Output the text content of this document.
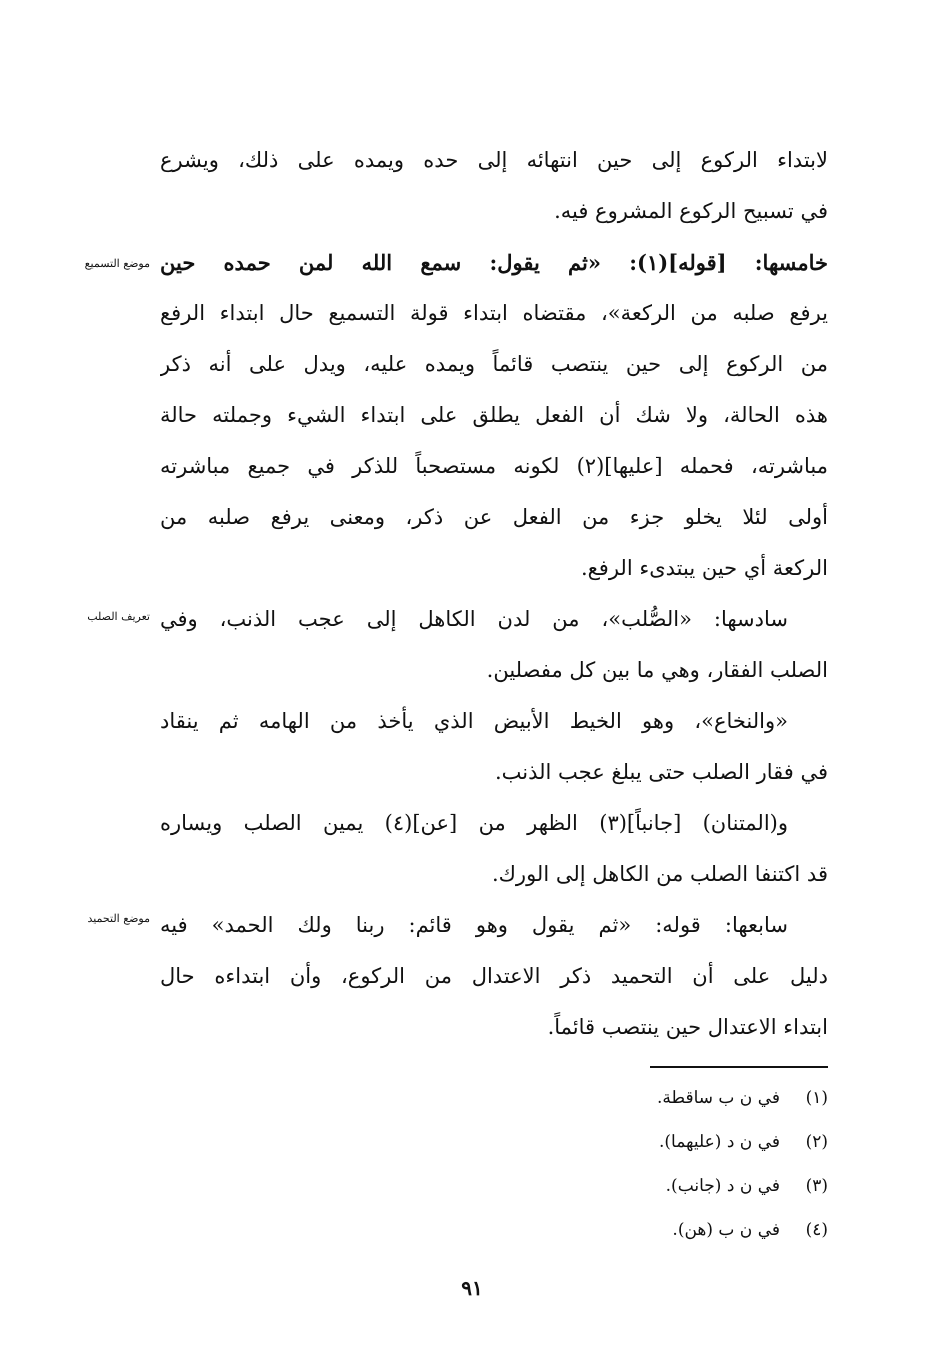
لابتداء الركوع إلى حين انتهائه إلى حده ويمده على ذلك، ويشرع
في تسبيح الركوع المشروع فيه.
خامسها: [قوله](١): «ثم يقول: سمع الله لمن حمده حين
يرفع صلبه من الركعة»، مقتضاه ابتداء قولة التسميع حال ابتداء الرفع
من الركوع إلى حين ينتصب قائماً ويمده عليه، ويدل على أنه ذكر
هذه الحالة، ولا شك أن الفعل يطلق على ابتداء الشيء وجملته حالة
مباشرته، فحمله [عليها](٢) لكونه مستصحباً للذكر في جميع مباشرته
أولى لئلا يخلو جزء من الفعل عن ذكر، ومعنى يرفع صلبه من
الركعة أي حين يبتدىء الرفع.
سادسها: «الصُّلب»، من لدن الكاهل إلى عجب الذنب، وفي
الصلب الفقار، وهي ما بين كل مفصلين.
«والنخاع»، وهو الخيط الأبيض الذي يأخذ من الهامه ثم ينقاد
في فقار الصلب حتى يبلغ عجب الذنب.
و(المتنان) [جانباً](٣) الظهر من [عن](٤) يمين الصلب ويساره
قد اكتنفا الصلب من الكاهل إلى الورك.
سابعها: قوله: «ثم يقول وهو قائم: ربنا ولك الحمد» فيه
دليل على أن التحميد ذكر الاعتدال من الركوع، وأن ابتداءه حال
ابتداء الاعتدال حين ينتصب قائماً.
موضع التسميع
تعريف الصلب
موضع التحميد
(١)في ن ب ساقطة.
(٢)في ن د (عليهما).
(٣)في ن د (جانب).
(٤)في ن ب (هن).
٩١
